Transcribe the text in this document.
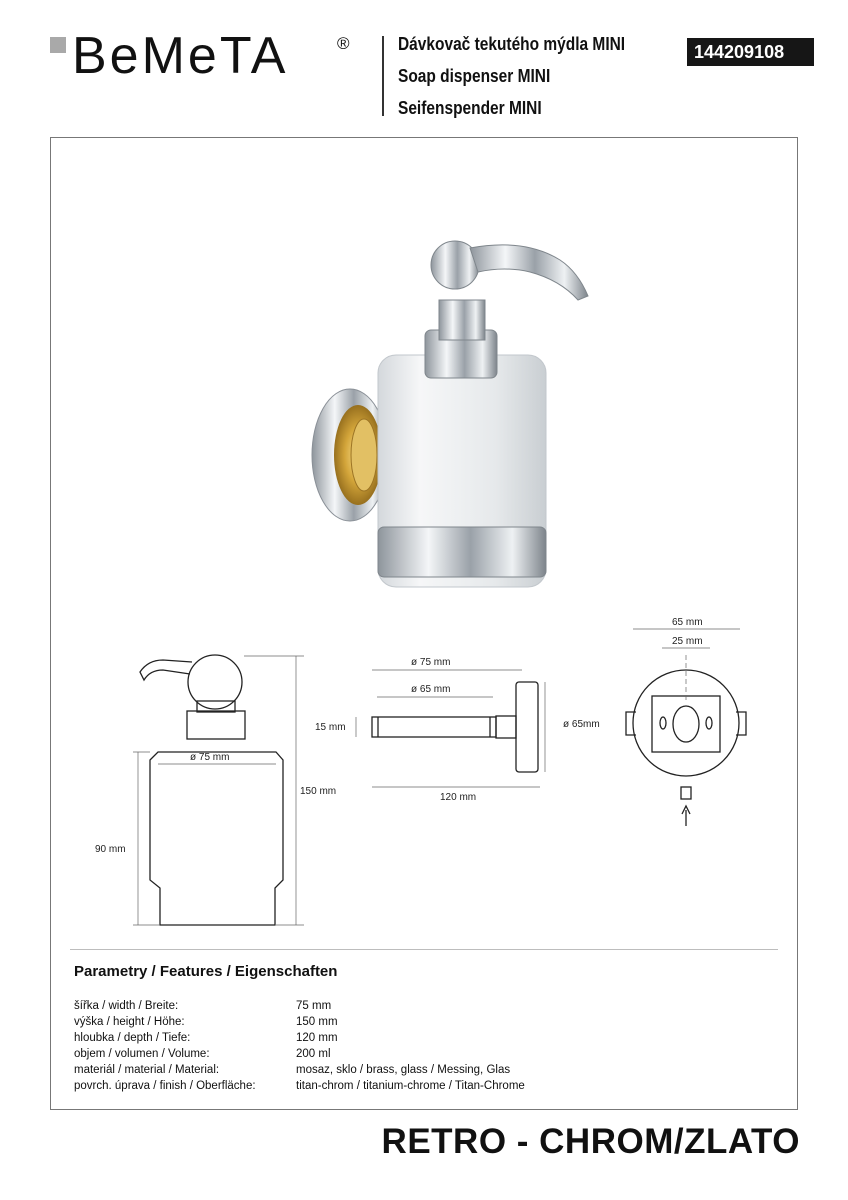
BeMeTA	®	Dávkovač tekutého mýdla MINI
Soap dispenser MINI
Seifenspender MINI
144209108
ø 75 mm
150 mm
90 mm
ø 75 mm
ø 65 mm
15 mm
120 mm
ø 65mm
65 mm
25 mm
Parametry / Features / Eigenschaften
šířka / width / Breite:	75 mm
výška / height / Höhe:	150 mm
hloubka / depth / Tiefe:	120 mm
objem / volumen / Volume:	200 ml
materiál / material / Material:	mosaz, sklo / brass, glass / Messing, Glas
povrch. úprava / finish / Oberfläche:	titan-chrom / titanium-chrome / Titan-Chrome
RETRO - CHROM/ZLATO
